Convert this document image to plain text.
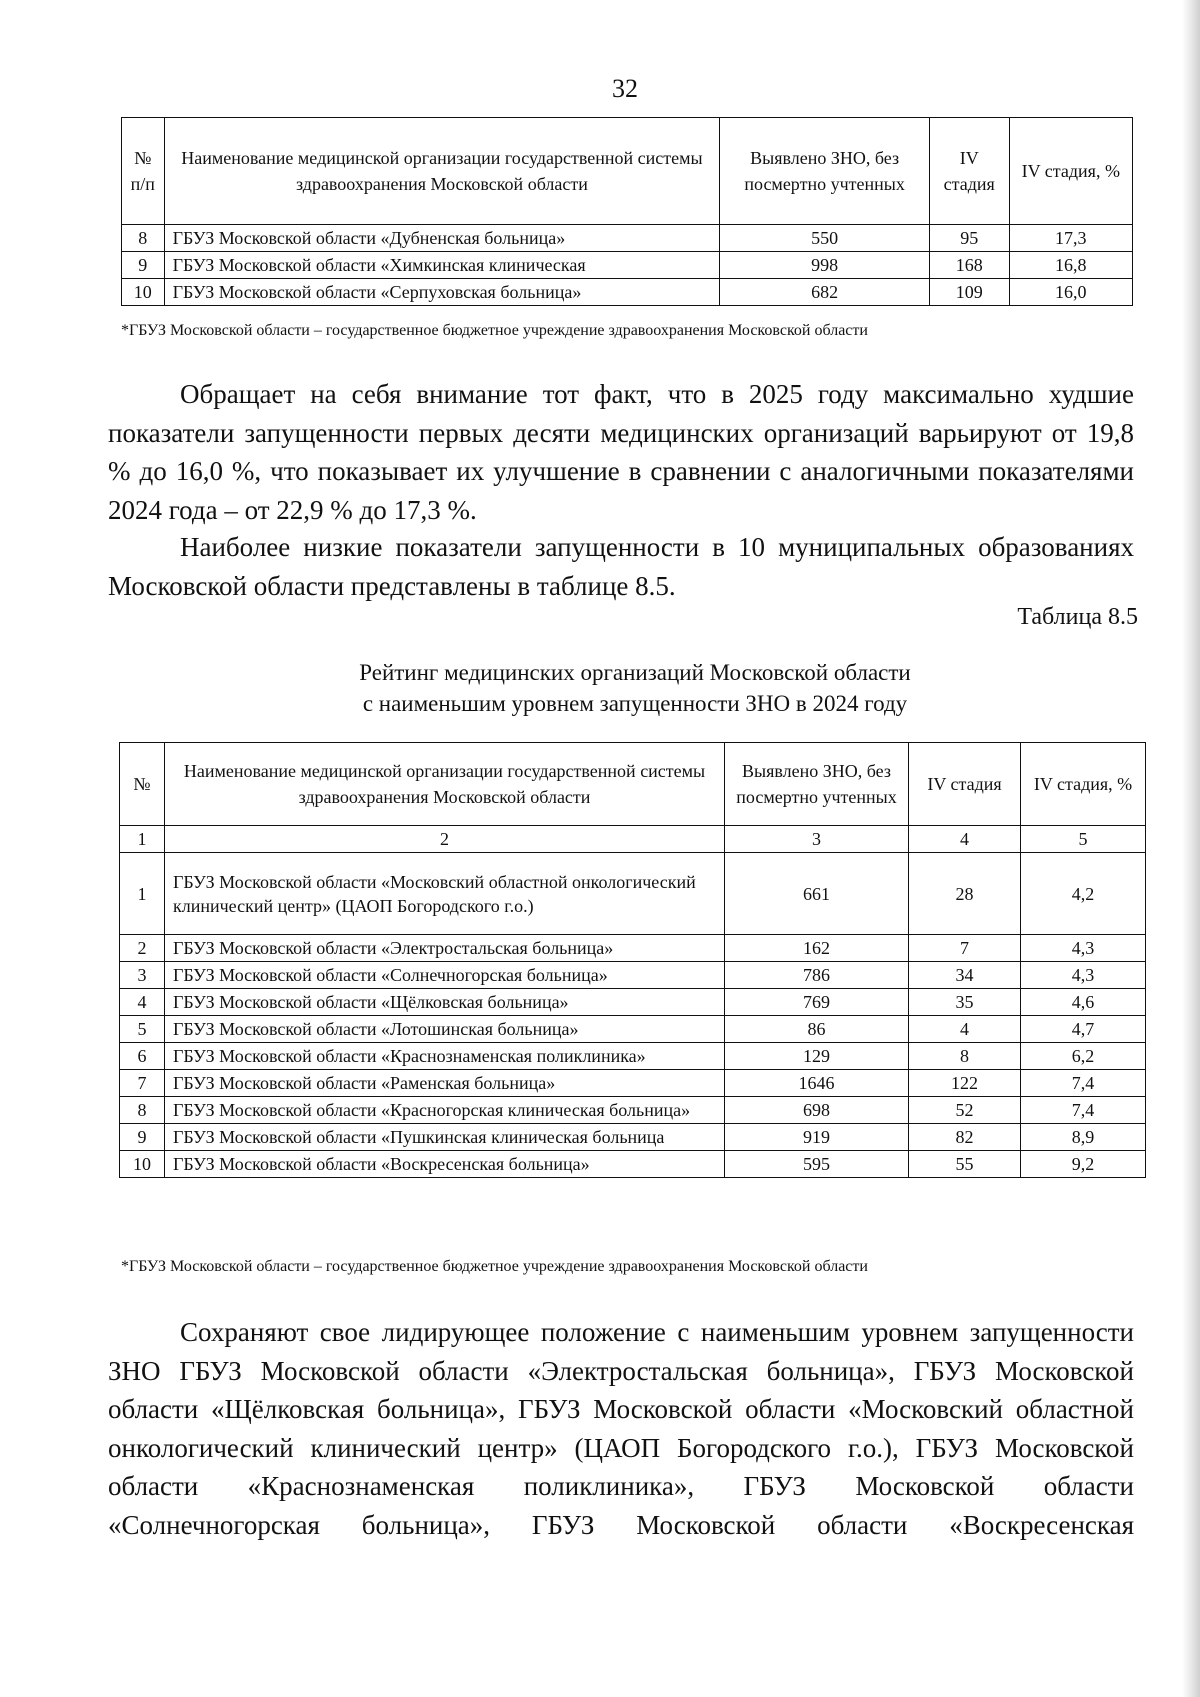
32
№ п/п	Наименование медицинской организации государственной системы здравоохранения Московской области	Выявлено ЗНО, без посмертно учтенных	IV стадия	IV стадия, %
8	ГБУЗ Московской области «Дубненская больница»	550	95	17,3
9	ГБУЗ Московской области «Химкинская клиническая	998	168	16,8
10	ГБУЗ Московской области «Серпуховская больница»	682	109	16,0
*ГБУЗ Московской области – государственное бюджетное учреждение здравоохранения Московской области

Обращает на себя внимание тот факт, что в 2025 году максимально худшие показатели запущенности первых десяти медицинских организаций варьируют от 19,8 % до 16,0 %, что показывает их улучшение в сравнении с аналогичными показателями 2024 года – от 22,9 % до 17,3 %.

Наиболее низкие показатели запущенности в 10 муниципальных образованиях Московской области представлены в таблице 8.5.

Таблица 8.5
Рейтинг медицинских организаций Московской области
с наименьшим уровнем запущенности ЗНО в 2024 году
№	Наименование медицинской организации государственной системы здравоохранения Московской области	Выявлено ЗНО, без посмертно учтенных	IV стадия	IV стадия, %
1	2	3	4	5
1	ГБУЗ Московской области «Московский областной онкологический клинический центр» (ЦАОП Богородского г.о.)	661	28	4,2
2	ГБУЗ Московской области «Электростальская больница»	162	7	4,3
3	ГБУЗ Московской области «Солнечногорская больница»	786	34	4,3
4	ГБУЗ Московской области «Щёлковская больница»	769	35	4,6
5	ГБУЗ Московской области «Лотошинская больница»	86	4	4,7
6	ГБУЗ Московской области «Краснознаменская поликлиника»	129	8	6,2
7	ГБУЗ Московской области «Раменская больница»	1646	122	7,4
8	ГБУЗ Московской области «Красногорская клиническая больница»	698	52	7,4
9	ГБУЗ Московской области «Пушкинская клиническая больница	919	82	8,9
10	ГБУЗ Московской области «Воскресенская больница»	595	55	9,2
*ГБУЗ Московской области – государственное бюджетное учреждение здравоохранения Московской области

Сохраняют свое лидирующее положение с наименьшим уровнем запущенности ЗНО ГБУЗ Московской области «Электростальская больница», ГБУЗ Московской области «Щёлковская больница», ГБУЗ Московской области «Московский областной онкологический клинический центр» (ЦАОП Богородского г.о.), ГБУЗ Московской области «Краснознаменская поликлиника», ГБУЗ Московской области «Солнечногорская больница», ГБУЗ Московской области «Воскресенская
